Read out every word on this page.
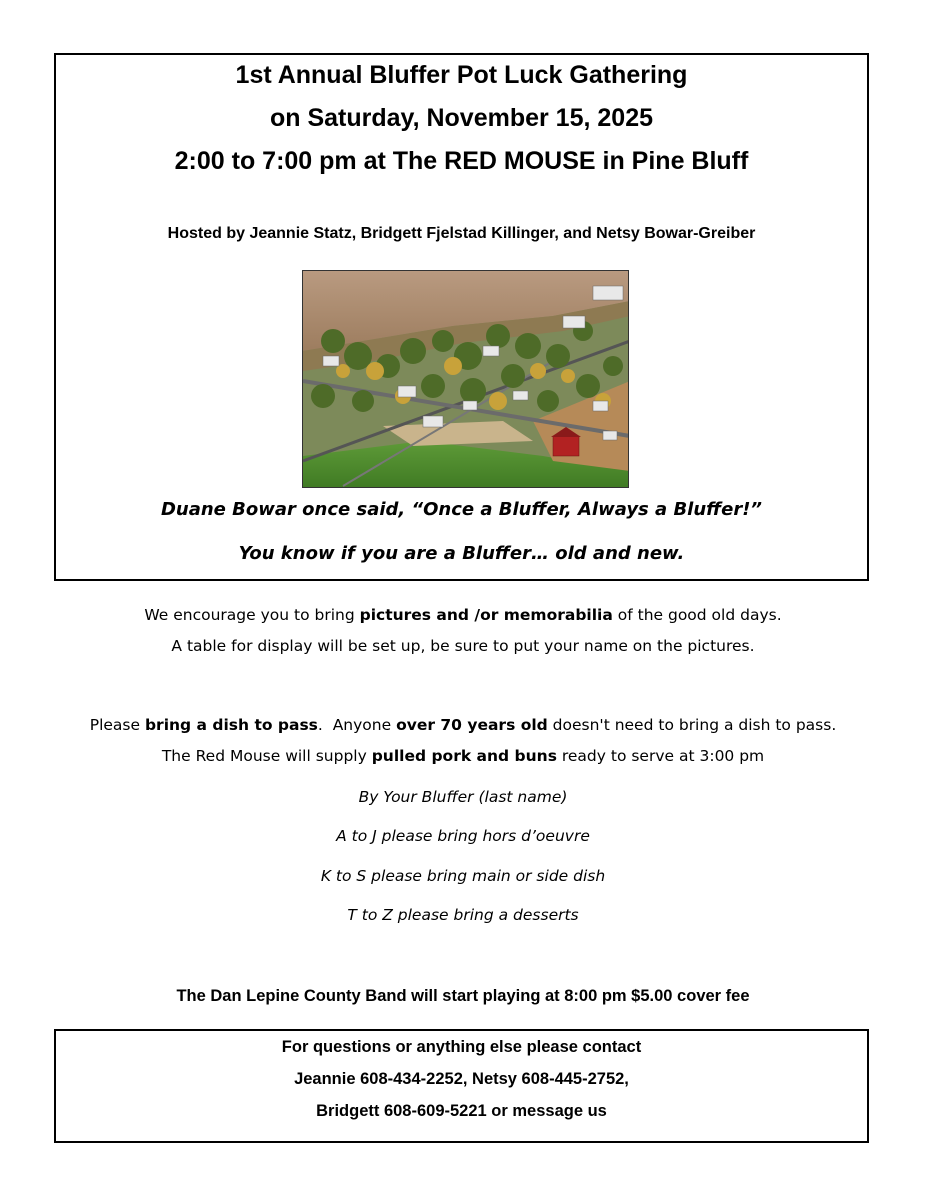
1st Annual Bluffer Pot Luck Gathering
on Saturday, November 15, 2025
2:00 to 7:00 pm at The RED MOUSE in Pine Bluff
Hosted by Jeannie Statz, Bridgett Fjelstad Killinger, and Netsy Bowar-Greiber
Duane Bowar once said, “Once a Bluffer, Always a Bluffer!”
You know if you are a Bluffer… old and new.
We encourage you to bring pictures and /or memorabilia of the good old days.
A table for display will be set up, be sure to put your name on the pictures.
Please bring a dish to pass.  Anyone over 70 years old doesn't need to bring a dish to pass.
The Red Mouse will supply pulled pork and buns ready to serve at 3:00 pm
By Your Bluffer (last name)
A to J please bring hors d’oeuvre
K to S please bring main or side dish
T to Z please bring a desserts
The Dan Lepine County Band will start playing at 8:00 pm $5.00 cover fee
For questions or anything else please contact
Jeannie 608-434-2252, Netsy 608-445-2752,
Bridgett 608-609-5221 or message us
